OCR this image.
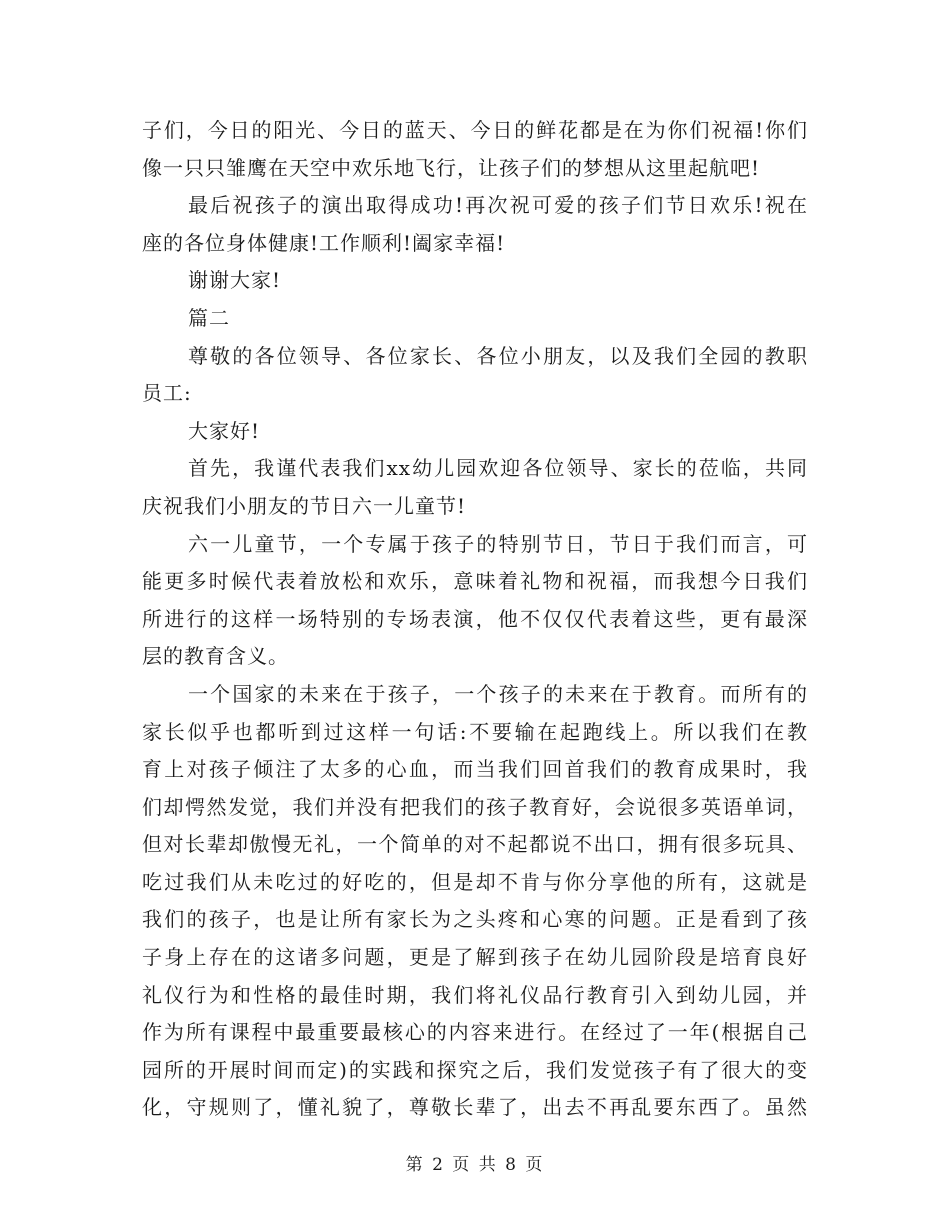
子们，今日的阳光、今日的蓝天、今日的鲜花都是在为你们祝福!你们
像一只只雏鹰在天空中欢乐地飞行，让孩子们的梦想从这里起航吧!
最后祝孩子的演出取得成功!再次祝可爱的孩子们节日欢乐!祝在
座的各位身体健康!工作顺利!阖家幸福!
谢谢大家!
篇二
尊敬的各位领导、各位家长、各位小朋友，以及我们全园的教职
员工:
大家好!
首先，我谨代表我们xx幼儿园欢迎各位领导、家长的莅临，共同
庆祝我们小朋友的节日六一儿童节!
六一儿童节，一个专属于孩子的特别节日，节日于我们而言，可
能更多时候代表着放松和欢乐，意味着礼物和祝福，而我想今日我们
所进行的这样一场特别的专场表演，他不仅仅代表着这些，更有最深
层的教育含义。
一个国家的未来在于孩子，一个孩子的未来在于教育。而所有的
家长似乎也都听到过这样一句话:不要输在起跑线上。所以我们在教
育上对孩子倾注了太多的心血，而当我们回首我们的教育成果时，我
们却愕然发觉，我们并没有把我们的孩子教育好，会说很多英语单词，
但对长辈却傲慢无礼，一个简单的对不起都说不出口，拥有很多玩具、
吃过我们从未吃过的好吃的，但是却不肯与你分享他的所有，这就是
我们的孩子，也是让所有家长为之头疼和心寒的问题。正是看到了孩
子身上存在的这诸多问题，更是了解到孩子在幼儿园阶段是培育良好
礼仪行为和性格的最佳时期，我们将礼仪品行教育引入到幼儿园，并
作为所有课程中最重要最核心的内容来进行。在经过了一年(根据自己
园所的开展时间而定)的实践和探究之后，我们发觉孩子有了很大的变
化，守规则了，懂礼貌了，尊敬长辈了，出去不再乱要东西了。虽然
第 2 页 共 8 页
